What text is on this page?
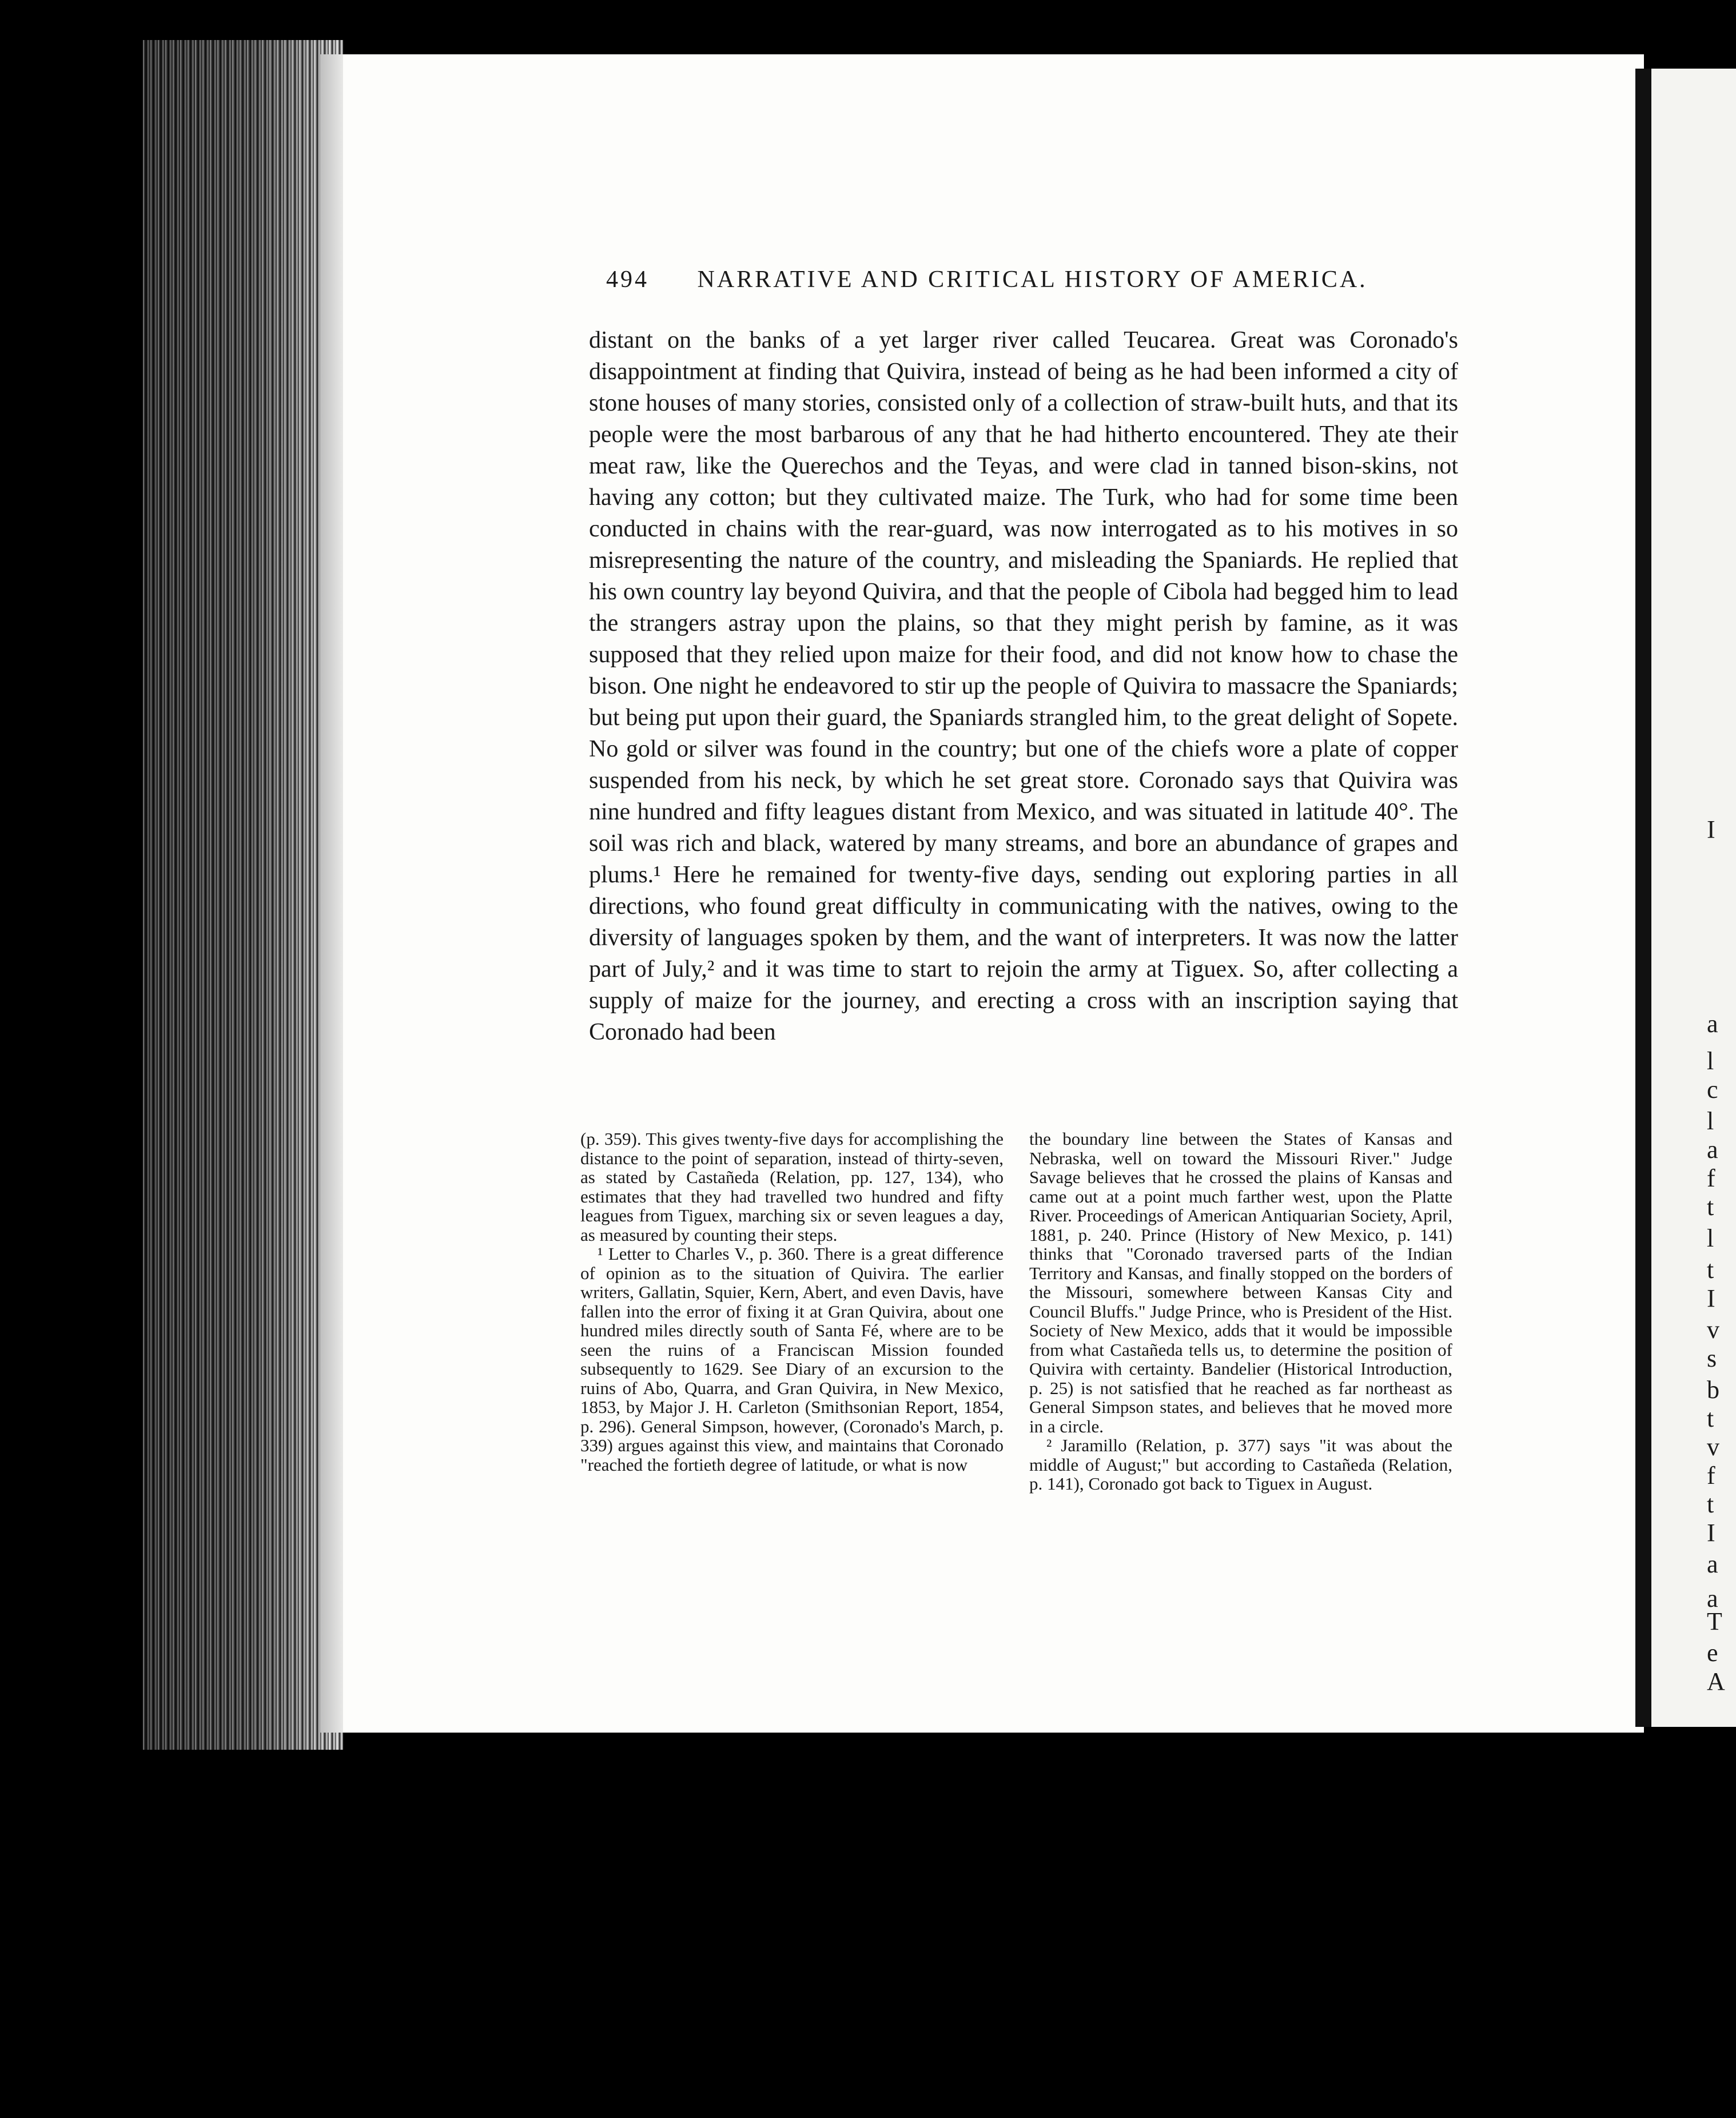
I
a
l
c
l
a
f
t
l
t
I
v
s
b
t
v
f
t
I
a
a
T
e
A
494 NARRATIVE AND CRITICAL HISTORY OF AMERICA.

distant on the banks of a yet larger river called Teucarea. Great was Coronado's disappointment at finding that Quivira, instead of being as he had been informed a city of stone houses of many stories, consisted only of a collection of straw-built huts, and that its people were the most barbarous of any that he had hitherto encountered. They ate their meat raw, like the Querechos and the Teyas, and were clad in tanned bison-skins, not having any cotton; but they cultivated maize. The Turk, who had for some time been conducted in chains with the rear-guard, was now interrogated as to his motives in so misrepresenting the nature of the country, and misleading the Spaniards. He replied that his own country lay beyond Quivira, and that the people of Cibola had begged him to lead the strangers astray upon the plains, so that they might perish by famine, as it was supposed that they relied upon maize for their food, and did not know how to chase the bison. One night he endeavored to stir up the people of Quivira to massacre the Spaniards; but being put upon their guard, the Spaniards strangled him, to the great delight of Sopete. No gold or silver was found in the country; but one of the chiefs wore a plate of copper suspended from his neck, by which he set great store. Coronado says that Quivira was nine hundred and fifty leagues distant from Mexico, and was situated in latitude 40°. The soil was rich and black, watered by many streams, and bore an abundance of grapes and plums.¹ Here he remained for twenty-five days, sending out exploring parties in all directions, who found great difficulty in communicating with the natives, owing to the diversity of languages spoken by them, and the want of interpreters. It was now the latter part of July,² and it was time to start to rejoin the army at Tiguex. So, after collecting a supply of maize for the journey, and erecting a cross with an inscription saying that Coronado had been

(p. 359). This gives twenty-five days for accomplishing the distance to the point of separation, instead of thirty-seven, as stated by Castañeda (Relation, pp. 127, 134), who estimates that they had travelled two hundred and fifty leagues from Tiguex, marching six or seven leagues a day, as measured by counting their steps.

¹ Letter to Charles V., p. 360. There is a great difference of opinion as to the situation of Quivira. The earlier writers, Gallatin, Squier, Kern, Abert, and even Davis, have fallen into the error of fixing it at Gran Quivira, about one hundred miles directly south of Santa Fé, where are to be seen the ruins of a Franciscan Mission founded subsequently to 1629. See Diary of an excursion to the ruins of Abo, Quarra, and Gran Quivira, in New Mexico, 1853, by Major J. H. Carleton (Smithsonian Report, 1854, p. 296). General Simpson, however, (Coronado's March, p. 339) argues against this view, and maintains that Coronado "reached the fortieth degree of latitude, or what is now

the boundary line between the States of Kansas and Nebraska, well on toward the Missouri River." Judge Savage believes that he crossed the plains of Kansas and came out at a point much farther west, upon the Platte River. Proceedings of American Antiquarian Society, April, 1881, p. 240. Prince (History of New Mexico, p. 141) thinks that "Coronado traversed parts of the Indian Territory and Kansas, and finally stopped on the borders of the Missouri, somewhere between Kansas City and Council Bluffs." Judge Prince, who is President of the Hist. Society of New Mexico, adds that it would be impossible from what Castañeda tells us, to determine the position of Quivira with certainty. Bandelier (Historical Introduction, p. 25) is not satisfied that he reached as far northeast as General Simpson states, and believes that he moved more in a circle.

² Jaramillo (Relation, p. 377) says "it was about the middle of August;" but according to Castañeda (Relation, p. 141), Coronado got back to Tiguex in August.
